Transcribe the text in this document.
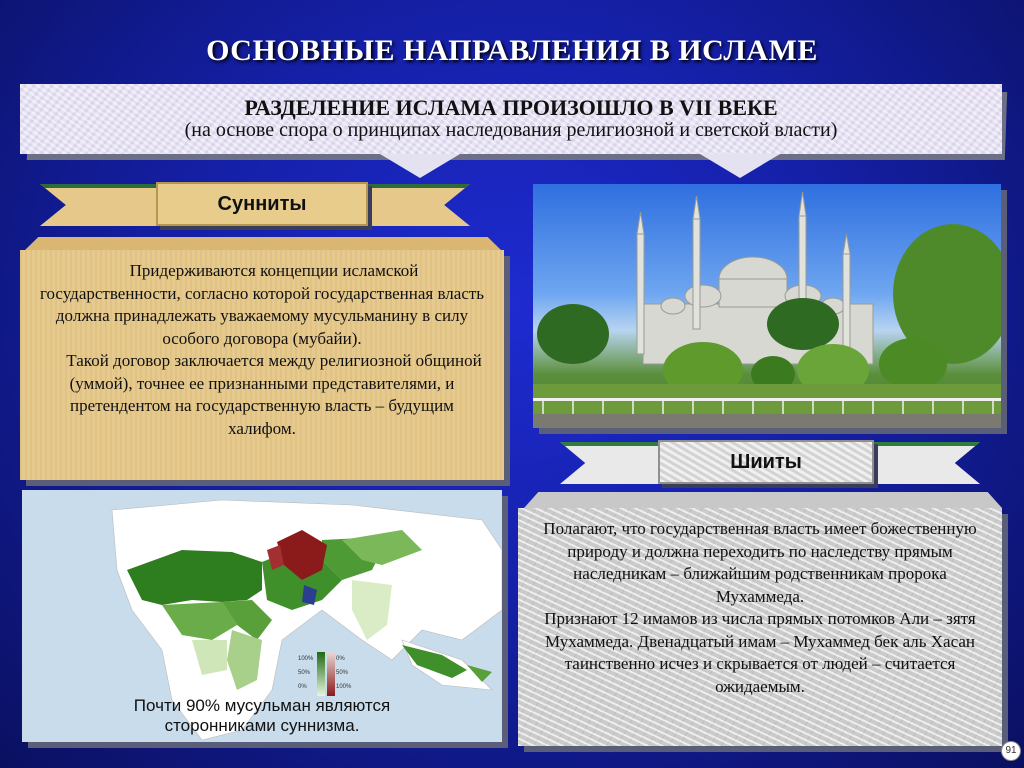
ОСНОВНЫЕ НАПРАВЛЕНИЯ В ИСЛАМЕ
РАЗДЕЛЕНИЕ ИСЛАМА ПРОИЗОШЛО В VII ВЕКЕ
(на основе спора о принципах наследования религиозной и светской власти)
Сунниты

Придерживаются концепции исламской государственности, согласно которой государственная власть должна принадлежать уважаемому мусульманину в силу особого договора (мубайи).

Такой договор заключается между религиозной общиной (уммой), точнее ее признанными представителями, и претендентом на государственную власть – будущим халифом.

Шииты

Полагают, что государственная власть имеет божественную природу и должна переходить по наследству прямым наследникам – ближайшим родственникам пророка Мухаммеда.

Признают 12 имамов из числа прямых потомков Али – зятя Мухаммеда. Двенадцатый имам – Мухаммед бек аль Хасан таинственно исчез и скрывается от людей – считается ожидаемым.

100%
50%
0%
0%
50%
100%
Почти 90% мусульман являются
сторонниками суннизма.
91
